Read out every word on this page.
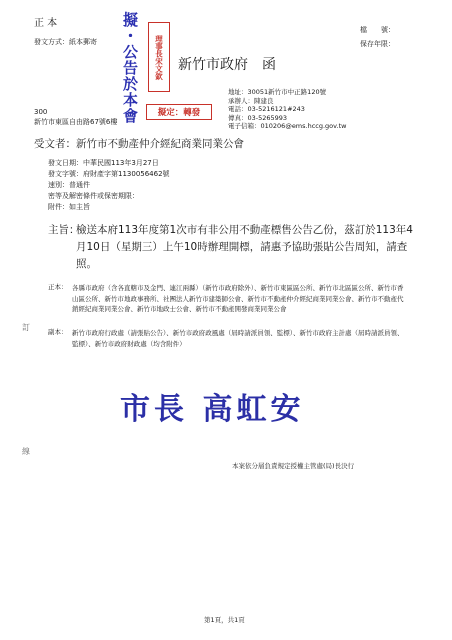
正 本
發文方式：紙本郵寄
檔　　號：
保存年限：
擬・公告於本會	理事長宋文欽	新竹市政府　函
地址：30051新竹市中正路120號
承辦人：陳建良
電話：03-5216121#243
傳真：03-5265993
電子信箱：010206@ems.hccg.gov.tw
擬定：轉發
300
新竹市東區自由路67號6樓
受文者：新竹市不動產仲介經紀商業同業公會
發文日期：中華民國113年3月27日
發文字號：府財產字第1130056462號
速別：普通件
密等及解密條件或保密期限：
附件：如主旨
主旨：
檢送本府113年度第1次市有非公用不動產標售公告乙份，茲訂於113年4月10日（星期三）上午10時辦理開標，請惠予協助張貼公告周知，請查照。
訂
線
正本： 各縣市政府（含各直轄市及金門、連江兩縣）（新竹市政府除外）、新竹市東區區公所、新竹市北區區公所、新竹市香山區公所、新竹市地政事務所、社團法人新竹市建築師公會、新竹市不動產仲介經紀商業同業公會、新竹市不動產代銷經紀商業同業公會、新竹市地政士公會、新竹市不動產開發商業同業公會
副本： 新竹市政府行政處（請張貼公告）、新竹市政府政風處（屆時請派員領、監標）、新竹市政府主計處（屆時請派員領、監標）、新竹市政府財政處（均含附件）
市長 高虹安
本案依分層負責規定授權主管處(局)長決行
第1頁，共1頁
